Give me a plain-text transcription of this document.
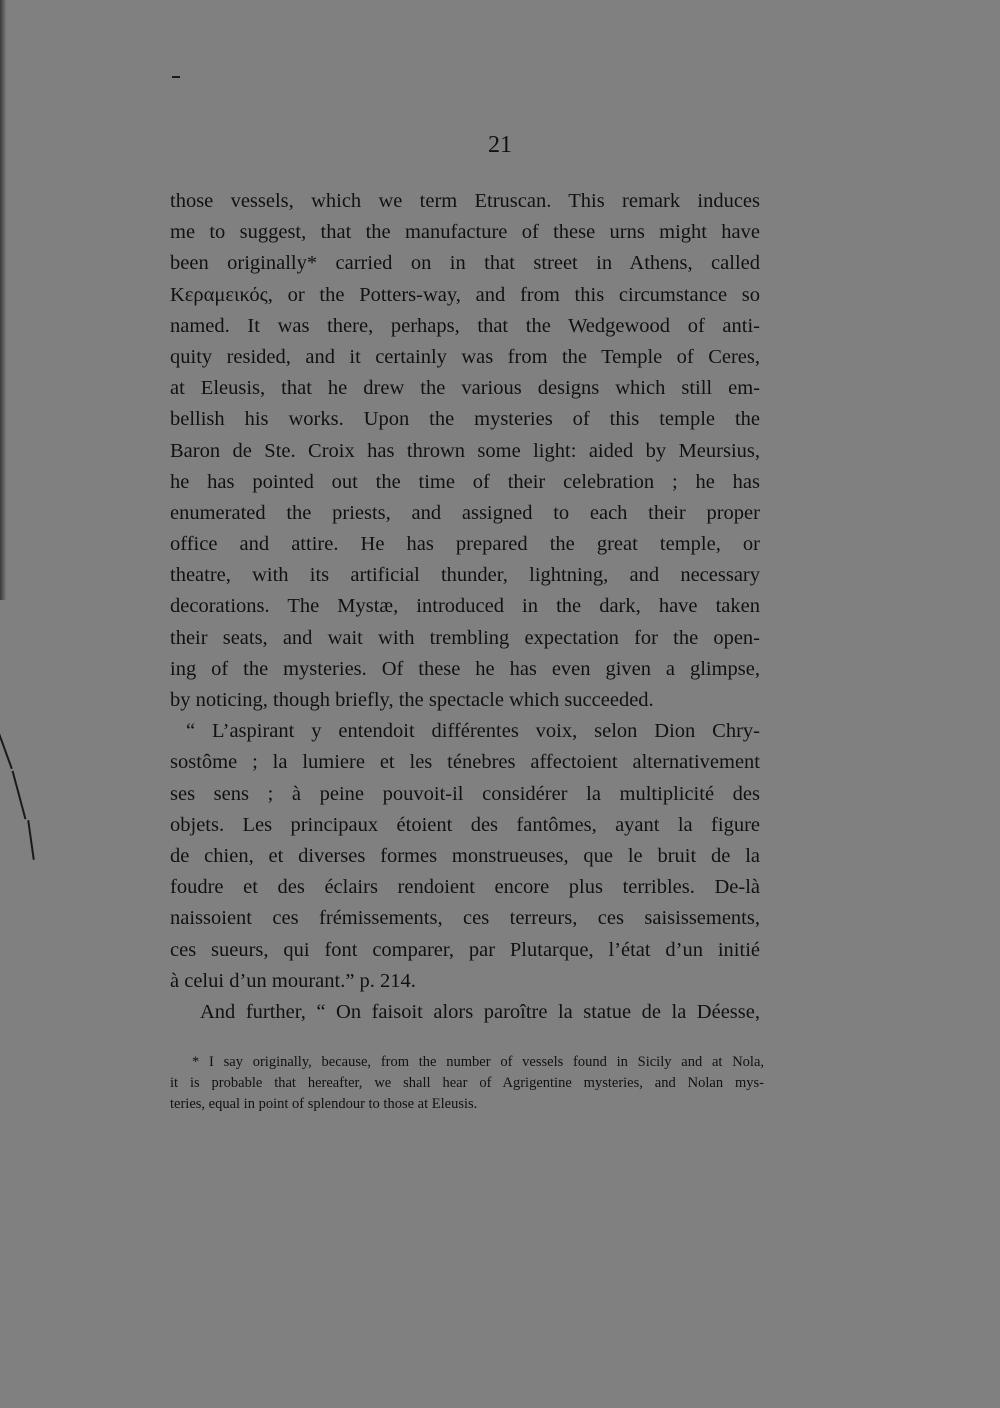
21
those vessels, which we term Etruscan. This remark induces
me to suggest, that the manufacture of these urns might have
been originally* carried on in that street in Athens, called
Κεραμεικός, or the Potters-way, and from this circumstance so
named. It was there, perhaps, that the Wedgewood of anti-
quity resided, and it certainly was from the Temple of Ceres,
at Eleusis, that he drew the various designs which still em-
bellish his works. Upon the mysteries of this temple the
Baron de Ste. Croix has thrown some light: aided by Meursius,
he has pointed out the time of their celebration ; he has
enumerated the priests, and assigned to each their proper
office and attire. He has prepared the great temple, or
theatre, with its artificial thunder, lightning, and necessary
decorations. The Mystæ, introduced in the dark, have taken
their seats, and wait with trembling expectation for the open-
ing of the mysteries. Of these he has even given a glimpse,
by noticing, though briefly, the spectacle which succeeded.
“ L’aspirant y entendoit différentes voix, selon Dion Chry-
sostôme ; la lumiere et les ténebres affectoient alternativement
ses sens ; à peine pouvoit-il considérer la multiplicité des
objets. Les principaux étoient des fantômes, ayant la figure
de chien, et diverses formes monstrueuses, que le bruit de la
foudre et des éclairs rendoient encore plus terribles. De-là
naissoient ces frémissements, ces terreurs, ces saisissements,
ces sueurs, qui font comparer, par Plutarque, l’état d’un initié
à celui d’un mourant.” p. 214.
And further, “ On faisoit alors paroître la statue de la Déesse,
* I say originally, because, from the number of vessels found in Sicily and at Nola,
it is probable that hereafter, we shall hear of Agrigentine mysteries, and Nolan mys-
teries, equal in point of splendour to those at Eleusis.
